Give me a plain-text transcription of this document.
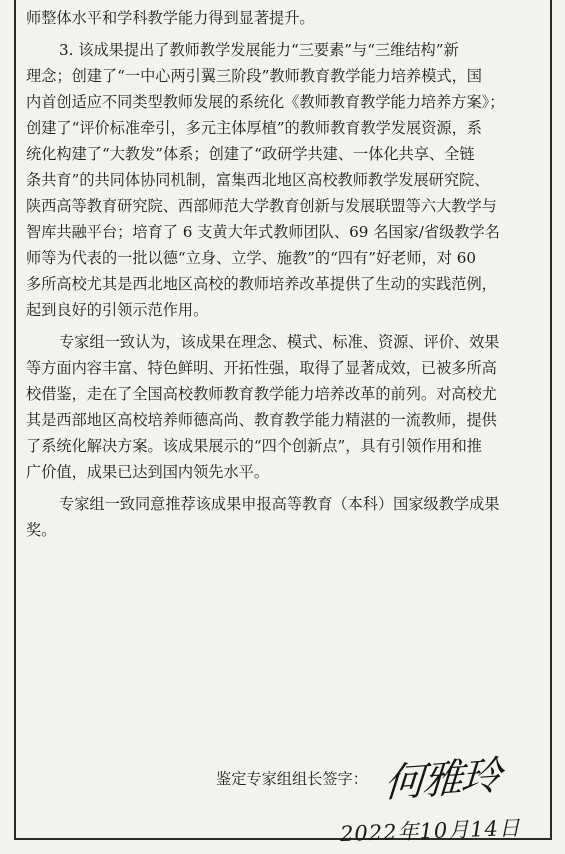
师整体水平和学科教学能力得到显著提升。
3. 该成果提出了教师教学发展能力“三要素”与“三维结构”新
理念；创建了“一中心两引翼三阶段”教师教育教学能力培养模式，国
内首创适应不同类型教师发展的系统化《教师教育教学能力培养方案》；
创建了“评价标准牵引，多元主体厚植”的教师教育教学发展资源，系
统化构建了“大教发”体系；创建了“政研学共建、一体化共享、全链
条共育”的共同体协同机制，富集西北地区高校教师教学发展研究院、
陕西高等教育研究院、西部师范大学教育创新与发展联盟等六大教学与
智库共融平台；培育了 6 支黄大年式教师团队、69 名国家/省级教学名
师等为代表的一批以德“立身、立学、施教”的“四有”好老师，对 60
多所高校尤其是西北地区高校的教师培养改革提供了生动的实践范例，
起到良好的引领示范作用。
专家组一致认为，该成果在理念、模式、标准、资源、评价、效果
等方面内容丰富、特色鲜明、开拓性强，取得了显著成效，已被多所高
校借鉴，走在了全国高校教师教育教学能力培养改革的前列。对高校尤
其是西部地区高校培养师德高尚、教育教学能力精湛的一流教师，提供
了系统化解决方案。该成果展示的“四个创新点”，具有引领作用和推
广价值，成果已达到国内领先水平。
专家组一致同意推荐该成果申报高等教育（本科）国家级教学成果
奖。
鉴定专家组组长签字： 何雅玲
2022年10月14日
